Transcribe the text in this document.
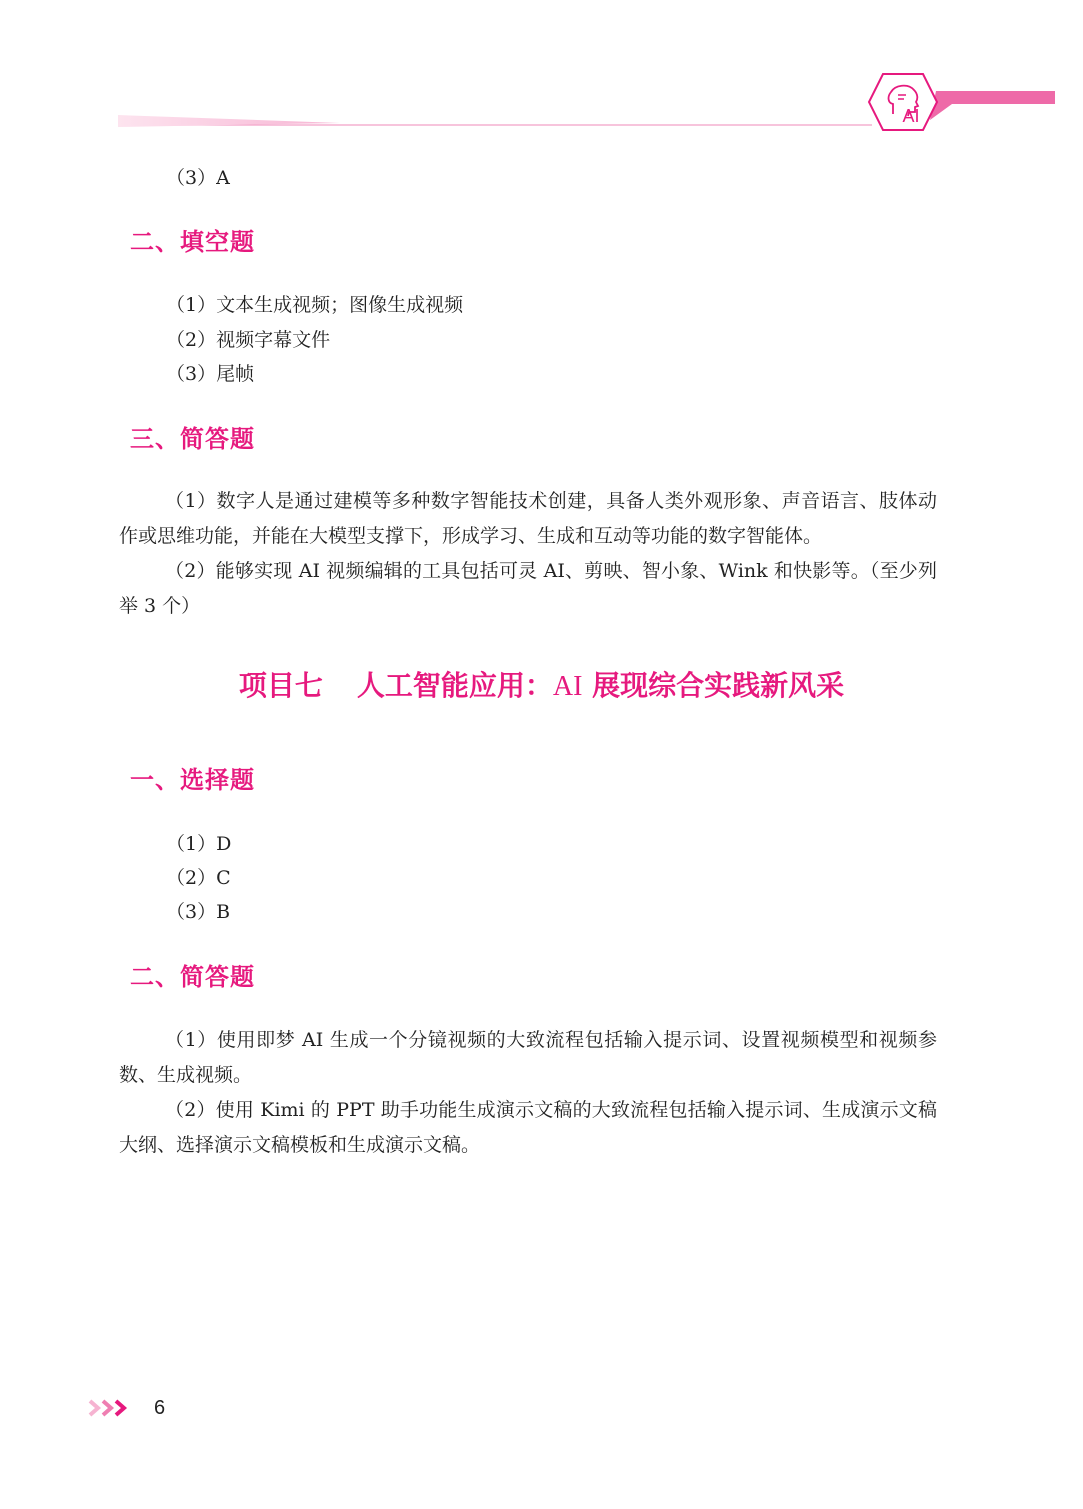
AI
（3）A
二、填空题
（1）文本生成视频；图像生成视频
（2）视频字幕文件
（3）尾帧
三、简答题
（1）数字人是通过建模等多种数字智能技术创建，具备人类外观形象、声音语言、肢体动作或思维功能，并能在大模型支撑下，形成学习、生成和互动等功能的数字智能体。
（2）能够实现 AI 视频编辑的工具包括可灵 AI、剪映、智小象、Wink 和快影等。（至少列举 3 个）
项目七 人工智能应用：AI 展现综合实践新风采
一、选择题
（1）D
（2）C
（3）B
二、简答题
（1）使用即梦 AI 生成一个分镜视频的大致流程包括输入提示词、设置视频模型和视频参数、生成视频。
（2）使用 Kimi 的 PPT 助手功能生成演示文稿的大致流程包括输入提示词、生成演示文稿大纲、选择演示文稿模板和生成演示文稿。
6
